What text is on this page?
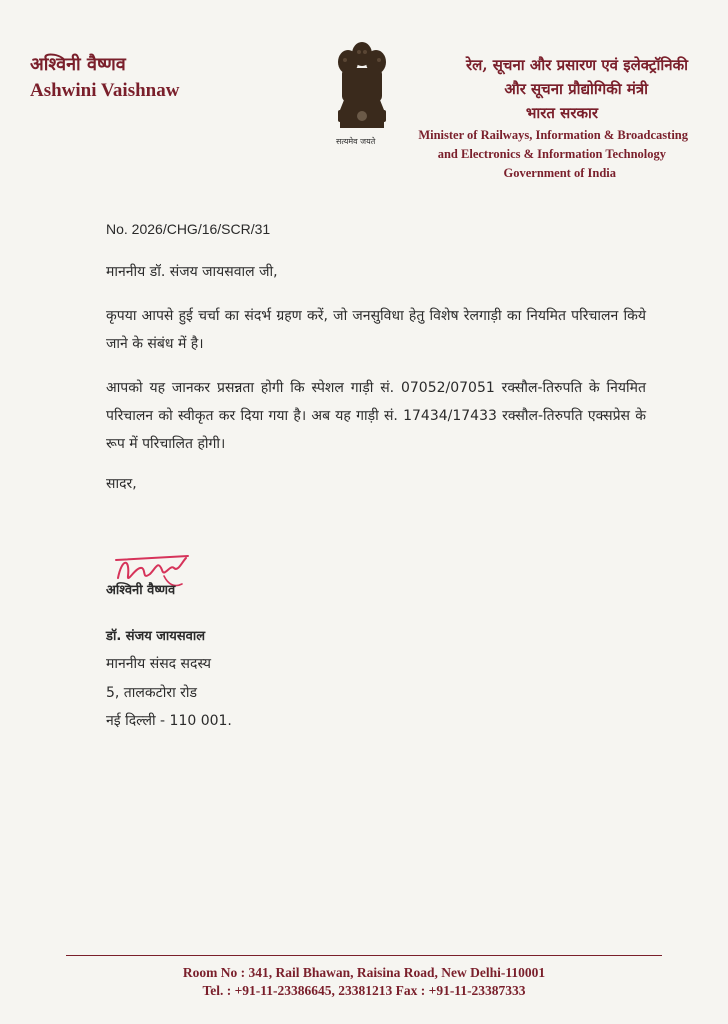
अश्विनी वैष्णव
Ashwini Vaishnaw
सत्यमेव जयते
रेल, सूचना और प्रसारण एवं इलेक्ट्रॉनिकी
और सूचना प्रौद्योगिकी मंत्री
भारत सरकार
Minister of Railways, Information & Broadcasting
and Electronics & Information Technology
Government of India
No. 2026/CHG/16/SCR/31
माननीय डॉ. संजय जायसवाल जी,
कृपया आपसे हुई चर्चा का संदर्भ ग्रहण करें, जो जनसुविधा हेतु विशेष रेलगाड़ी का नियमित परिचालन किये जाने के संबंध में है।
आपको यह जानकर प्रसन्नता होगी कि स्पेशल गाड़ी सं. 07052/07051 रक्सौल-तिरुपति के नियमित परिचालन को स्वीकृत कर दिया गया है। अब यह गाड़ी सं. 17434/17433 रक्सौल-तिरुपति एक्सप्रेस के रूप में परिचालित होगी।
सादर,
अश्विनी वैष्णव
डॉ. संजय जायसवाल
माननीय संसद सदस्य
5, तालकटोरा रोड
नई दिल्ली - 110 001.
Room No : 341, Rail Bhawan, Raisina Road, New Delhi-110001
Tel. : +91-11-23386645, 23381213 Fax : +91-11-23387333
